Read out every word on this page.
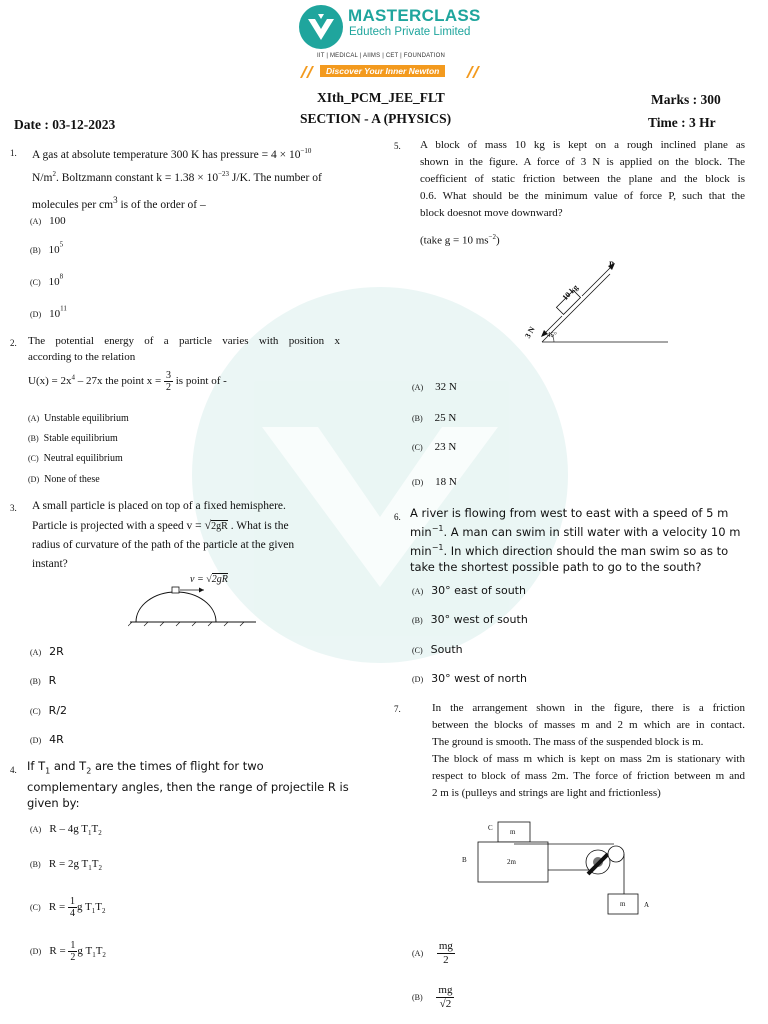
MASTERCLASS
Edutech Private Limited
IIT | MEDICAL | AIIMS | CET | FOUNDATION
Discover Your Inner Newton
XIth_PCM_JEE_FLT	Marks : 300
SECTION - A (PHYSICS)
Date : 03-12-2023	Time : 3 Hr
1. A gas at absolute temperature 300 K has pressure = $4 \times 10^{-10}$
$N/m^2$. Boltzmann constant $k = 1.38 \times 10^{-23}$ J/K. The number of
molecules per $cm^3$ is of the order of –
(A) 100
(B) $10^5$
(C) $10^8$
(D) $10^{11}$
2. The potential energy of a particle varies with position x
according to the relation
$U(x) = 2x^4 - 27x$ the point $x = \frac{3}{2}$ is point of -
(A) Unstable equilibrium
(B) Stable equilibrium
(C) Neutral equilibrium
(D) None of these
3. A small particle is placed on top of a fixed hemisphere.
Particle is projected with a speed v = √2gR . What is the
radius of curvature of the path of the particle at the given
instant?
v = √2gR
(A) 2R
(B) R
(C) R/2
(D) 4R
4. If $T_1$ and $T_2$ are the times of flight for two
complementary angles, then the range of projectile R is
given by:
(A) R – 4g $T_1T_2$
(B) R = 2g $T_1T_2$
(C) $R = \frac{1}{4}$ g $T_1T_2$
(D) $R = \frac{1}{2}$ g $T_1T_2$
5. A block of mass 10 kg is kept on a rough inclined plane as
shown in the figure. A force of 3 N is applied on the block. The
coefficient of static friction between the plane and the block is
0.6. What should be the minimum value of force P, such that the
block doesnot move downward?
(take g = 10 $ms^{-2}$)
10 kg
P
3 N 45°
(A) 32 N
(B) 25 N
(C) 23 N
(D) 18 N
6. A river is flowing from west to east with a speed of 5 m
$\min^{-1}$. A man can swim in still water with a velocity 10 m
$\min^{-1}$. In which direction should the man swim so as to
take the shortest possible path to go to the south?
(A) 30° east of south
(B) 30° west of south
(C) South
(D) 30° west of north
7.	In the arrangement shown in the figure, there is a friction
between the blocks of masses m and 2 m which are in contact.
The ground is smooth. The mass of the suspended block is m.
The block of mass m which is kept on mass 2m is stationary with
respect to block of mass 2m. The force of friction between m and
2 m is (pulleys and strings are light and frictionless)
C m
B	2m
m	A
$(A) \frac{mg}{2}$
$(B) \frac{mg}{√2}$
